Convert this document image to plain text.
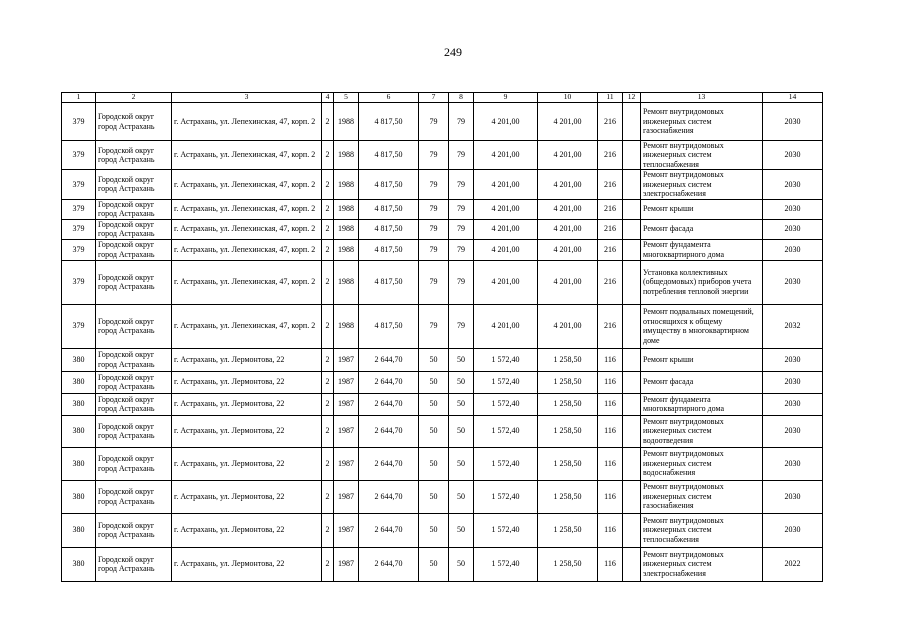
249
1	2	3	4	5	6	7	8	9	10	11	12	13	14
379	Городской округ город Астрахань	г. Астрахань, ул. Лепехинская, 47, корп. 2	2	1988	4 817,50	79	79	4 201,00	4 201,00	216		Ремонт внутридомовых инженерных систем газоснабжения	2030
379	Городской округ город Астрахань	г. Астрахань, ул. Лепехинская, 47, корп. 2	2	1988	4 817,50	79	79	4 201,00	4 201,00	216		Ремонт внутридомовых инженерных систем теплоснабжения	2030
379	Городской округ город Астрахань	г. Астрахань, ул. Лепехинская, 47, корп. 2	2	1988	4 817,50	79	79	4 201,00	4 201,00	216		Ремонт внутридомовых инженерных систем электроснабжения	2030
379	Городской округ город Астрахань	г. Астрахань, ул. Лепехинская, 47, корп. 2	2	1988	4 817,50	79	79	4 201,00	4 201,00	216		Ремонт крыши	2030
379	Городской округ город Астрахань	г. Астрахань, ул. Лепехинская, 47, корп. 2	2	1988	4 817,50	79	79	4 201,00	4 201,00	216		Ремонт фасада	2030
379	Городской округ город Астрахань	г. Астрахань, ул. Лепехинская, 47, корп. 2	2	1988	4 817,50	79	79	4 201,00	4 201,00	216		Ремонт фундамента многоквартирного дома	2030
379	Городской округ город Астрахань	г. Астрахань, ул. Лепехинская, 47, корп. 2	2	1988	4 817,50	79	79	4 201,00	4 201,00	216		Установка коллективных (общедомовых) приборов учета потребления тепловой энергии	2030
379	Городской округ город Астрахань	г. Астрахань, ул. Лепехинская, 47, корп. 2	2	1988	4 817,50	79	79	4 201,00	4 201,00	216		Ремонт подвальных помещений, относящихся к общему имуществу в многоквартирном доме	2032
380	Городской округ город Астрахань	г. Астрахань, ул. Лермонтова, 22	2	1987	2 644,70	50	50	1 572,40	1 258,50	116		Ремонт крыши	2030
380	Городской округ город Астрахань	г. Астрахань, ул. Лермонтова, 22	2	1987	2 644,70	50	50	1 572,40	1 258,50	116		Ремонт фасада	2030
380	Городской округ город Астрахань	г. Астрахань, ул. Лермонтова, 22	2	1987	2 644,70	50	50	1 572,40	1 258,50	116		Ремонт фундамента многоквартирного дома	2030
380	Городской округ город Астрахань	г. Астрахань, ул. Лермонтова, 22	2	1987	2 644,70	50	50	1 572,40	1 258,50	116		Ремонт внутридомовых инженерных систем водоотведения	2030
380	Городской округ город Астрахань	г. Астрахань, ул. Лермонтова, 22	2	1987	2 644,70	50	50	1 572,40	1 258,50	116		Ремонт внутридомовых инженерных систем водоснабжения	2030
380	Городской округ город Астрахань	г. Астрахань, ул. Лермонтова, 22	2	1987	2 644,70	50	50	1 572,40	1 258,50	116		Ремонт внутридомовых инженерных систем газоснабжения	2030
380	Городской округ город Астрахань	г. Астрахань, ул. Лермонтова, 22	2	1987	2 644,70	50	50	1 572,40	1 258,50	116		Ремонт внутридомовых инженерных систем теплоснабжения	2030
380	Городской округ город Астрахань	г. Астрахань, ул. Лермонтова, 22	2	1987	2 644,70	50	50	1 572,40	1 258,50	116		Ремонт внутридомовых инженерных систем электроснабжения	2022
